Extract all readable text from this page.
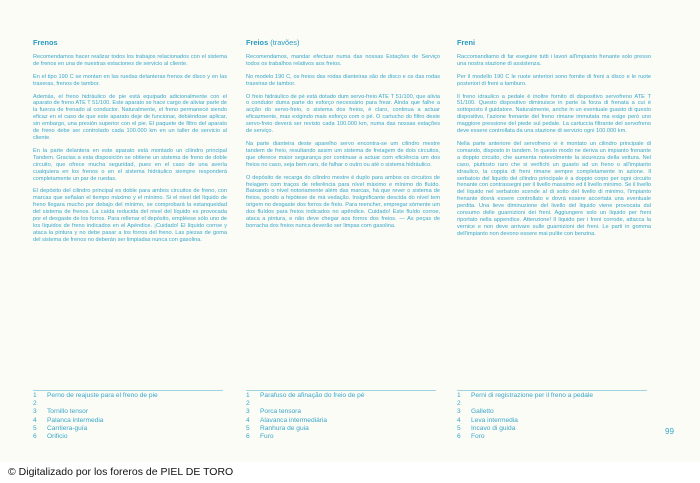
Frenos

Recomendamos hacer realizar todos los trabajos relacionados con el sistema de frenos en una de nuestras estaciones de servicio al cliente.

En el tipo 190 C se montan en las ruedas delanteras frenos de disco y en las traseras, frenos de tambor.

Además, el freno hidráulico de pie está equipado adicionalmente con el aparato de freno ATE T 51/100. Este aparato se hace cargo de aliviar parte de la fuerza de frenado al conductor. Naturalmente, el freno permanecé siendo eficaz en el caso de que este aparato deje de funcionar, debiéndose aplicar, sin embargo, una presión superior con el pie. El paquete de filtro del aparato de freno debe ser controlado cada 100.000 km en un taller de servicio al cliente.

En la parte delantera en este aparato está montado un cilindro principal Tandem. Gracias a esta disposición se obtiene un sistema de freno de doble circuito, que ofrece mucha seguridad, pues en el caso de una avería cualquiera en los frenos o en el sistema hidráulico siempre responderá completamente un par de ruedas.

El depósito del cilindro principal es doble para ambos circuitos de freno, con marcas que señalan el tiempo máximo y el mínimo. Si el nivel del líquido de freno llegara mucho por debajo del mínimo, se comprobará la estanqueidad del sistema de frenos. La caída reducida del nivel del líquido es provocada por el desgaste de los forros. Para rellenar el depósito, empléese sólo uno de los líquidos de freno indicados en el Apéndice. ¡Cuidado! El líquido corroe y ataca la pintura y no debe pasar a los forros del freno. Las piezas de goma del sistema de frenos no deberán ser limpiadas nunca con gasolina.

Freios (travões)

Recomendamos, mandar efectuar numa das nossas Estações de Serviço todos os trabalhos relativos aos freios.

No modelo 190 C, os freios das rodas dianteiras são de disco e os das rodas traseiras de tambor.

O freio hidráulico de pé está dotado dum servo-freio ATE T 51/100, que alivia o condutor duma parte do esforço necessário para frear. Ainda que falhe a acção do servo-freio, o sistema dos freios, é claro, continua a actuar eficazmente, mas exigindo mais esforço com o pé. O cartucho do filtro deste servo-freio deverá ser revisto cada 100.000 km, numa das nossas estações de serviço.

Na parte dianteira deste aparelho servo encontra-se um cilindro mestre tandem de freio, resultando assim um sistema de freiagem de dois circuitos, que oferece maior segurança por continuar a actuar com eficiência um dos freios no caso, seja bem raro, de falhar o outro ou até o sistema hidráulico.

O depósito de recarga do cilindro mestre é duplo para ambos os circuitos de freiagem com traços de referência para nível máximo e mínimo do fluído. Baixando o nível notoriamente além das marcas, há que rever o sistema de freios, pondo a hipótese de má vedação. Insignificante descida do nível tem origem no desgaste dos forros de freio. Para reencher, empregar sòmente um dos fluídos para freios indicados no apêndice. Cuidado! Este fluído corroe, ataca a pintura, e não deve chegar aos forros dos freios. — As peças de borracha dos freios nunca deverão ser limpas com gasolina.

Freni

Raccomandiamo di far eseguire tutti i lavori all'impianto frenante solo presso una nostra stazione di assistenza.

Per il modello 190 C le ruote anteriori sono fornite di freni a disco e le ruote posteriori di freni a tamburo.

Il freno idraulico a pedale è inoltre fornito di dispositivo servofreno ATE T 51/100. Questo dispositivo diminuisce in parte la forza di frenata a cui è sottoposto il guidatore. Naturalmente, anche in un eventuale guasto di questo dispositivo, l'azione frenante del freno rimane immutata ma esige però uno maggiore pressione del piede sul pedale. La cartuccia filtrante del servofreno deve essere controllata da una stazione di servizio ogni 100.000 km.

Nella parte anteriore del servofreno vi è montato un cilindro principale di comando, disposto in tandem. In questo modo ne deriva un impianto frenante a doppio circuito, che aumenta notevolmente la sicurezza della vettura. Nel caso, piuttosto raro che si verifichi un guasto ad un freno o all'impianto idraulico, la coppia di freni rimane sempre completamente in azione. Il serbatoio del liquido del cilindro principale è a doppio corpo per ogni circuito frenante con contrassegni per il livello massimo ed il livello minimo. Se il livello del liquido nel serbatoio scende al di sotto del livello di minimo, l'impianto frenante dovrà essere controllato e dovrà essere accertata una eventuale perdita. Una lieve diminuzione del livello del liquido viene provocata dal consumo delle guarnizioni dei freni. Aggiungere solo un liquido per freni riportato nella appendice. Attenzione! Il liquido per i freni corrode, attacca la vernice e non deve arrivare sulle guarnizioni dei freni. Le parti in gomma dell'impianto non devono essere mai pulite con benzina.

1	Perno de reajuste para el freno de pie
2
3	Tornillo tensor
4	Palanca intermedia
5	Carrilera-guía
6	Orificio
1	Parafuso de afinação do freio de pé
2
3	Porca tensora
4	Alavanca intermediária
5	Ranhura de guia
6	Furo
1	Perni di registrazione per il freno a pedale
2
3	Galletto
4	Leva intermedia
5	Incavo di guida
6	Foro
99
© Digitalizado por los foreros de PIEL DE TORO
